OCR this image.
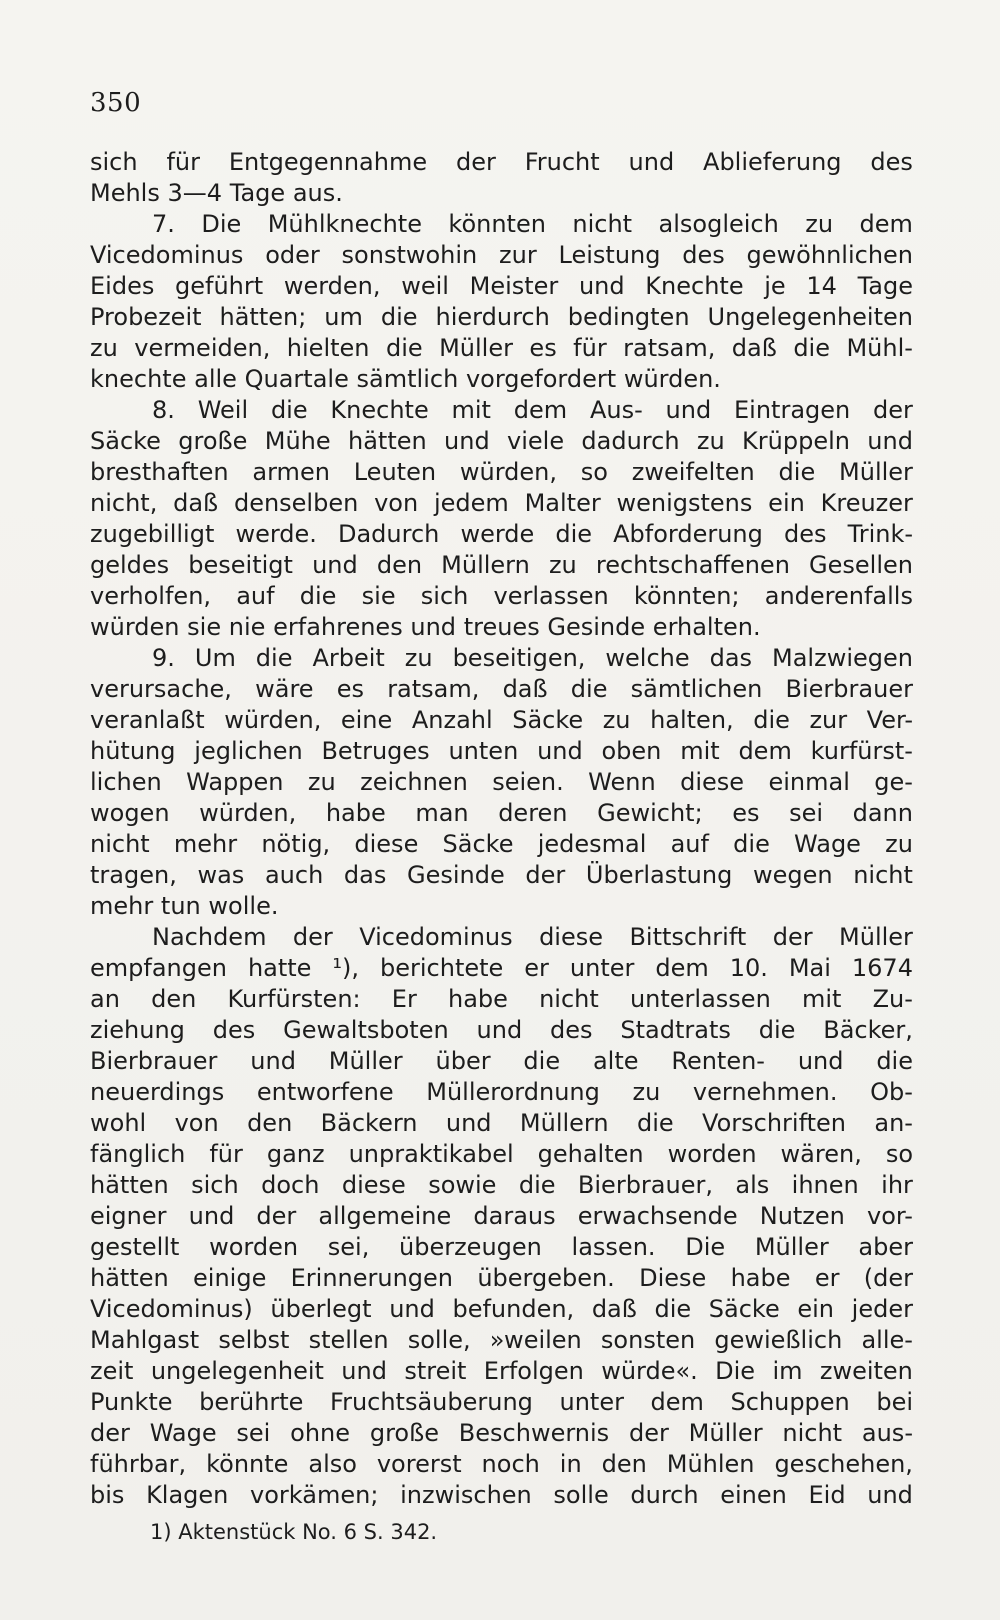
350
sich für Entgegennahme der Frucht und Ablieferung des
Mehls 3—4 Tage aus.
7. Die Mühlknechte könnten nicht alsogleich zu dem
Vicedominus oder sonstwohin zur Leistung des gewöhnlichen
Eides geführt werden, weil Meister und Knechte je 14 Tage
Probezeit hätten; um die hierdurch bedingten Ungelegenheiten
zu vermeiden, hielten die Müller es für ratsam, daß die Mühl-
knechte alle Quartale sämtlich vorgefordert würden.
8. Weil die Knechte mit dem Aus- und Eintragen der
Säcke große Mühe hätten und viele dadurch zu Krüppeln und
bresthaften armen Leuten würden, so zweifelten die Müller
nicht, daß denselben von jedem Malter wenigstens ein Kreuzer
zugebilligt werde. Dadurch werde die Abforderung des Trink-
geldes beseitigt und den Müllern zu rechtschaffenen Gesellen
verholfen, auf die sie sich verlassen könnten; anderenfalls
würden sie nie erfahrenes und treues Gesinde erhalten.
9. Um die Arbeit zu beseitigen, welche das Malzwiegen
verursache, wäre es ratsam, daß die sämtlichen Bierbrauer
veranlaßt würden, eine Anzahl Säcke zu halten, die zur Ver-
hütung jeglichen Betruges unten und oben mit dem kurfürst-
lichen Wappen zu zeichnen seien. Wenn diese einmal ge-
wogen würden, habe man deren Gewicht; es sei dann
nicht mehr nötig, diese Säcke jedesmal auf die Wage zu
tragen, was auch das Gesinde der Überlastung wegen nicht
mehr tun wolle.
Nachdem der Vicedominus diese Bittschrift der Müller
empfangen hatte ¹), berichtete er unter dem 10. Mai 1674
an den Kurfürsten: Er habe nicht unterlassen mit Zu-
ziehung des Gewaltsboten und des Stadtrats die Bäcker,
Bierbrauer und Müller über die alte Renten- und die
neuerdings entworfene Müllerordnung zu vernehmen. Ob-
wohl von den Bäckern und Müllern die Vorschriften an-
fänglich für ganz unpraktikabel gehalten worden wären, so
hätten sich doch diese sowie die Bierbrauer, als ihnen ihr
eigner und der allgemeine daraus erwachsende Nutzen vor-
gestellt worden sei, überzeugen lassen. Die Müller aber
hätten einige Erinnerungen übergeben. Diese habe er (der
Vicedominus) überlegt und befunden, daß die Säcke ein jeder
Mahlgast selbst stellen solle, »weilen sonsten gewießlich alle-
zeit ungelegenheit und streit Erfolgen würde«. Die im zweiten
Punkte berührte Fruchtsäuberung unter dem Schuppen bei
der Wage sei ohne große Beschwernis der Müller nicht aus-
führbar, könnte also vorerst noch in den Mühlen geschehen,
bis Klagen vorkämen; inzwischen solle durch einen Eid und
1) Aktenstück No. 6 S. 342.
